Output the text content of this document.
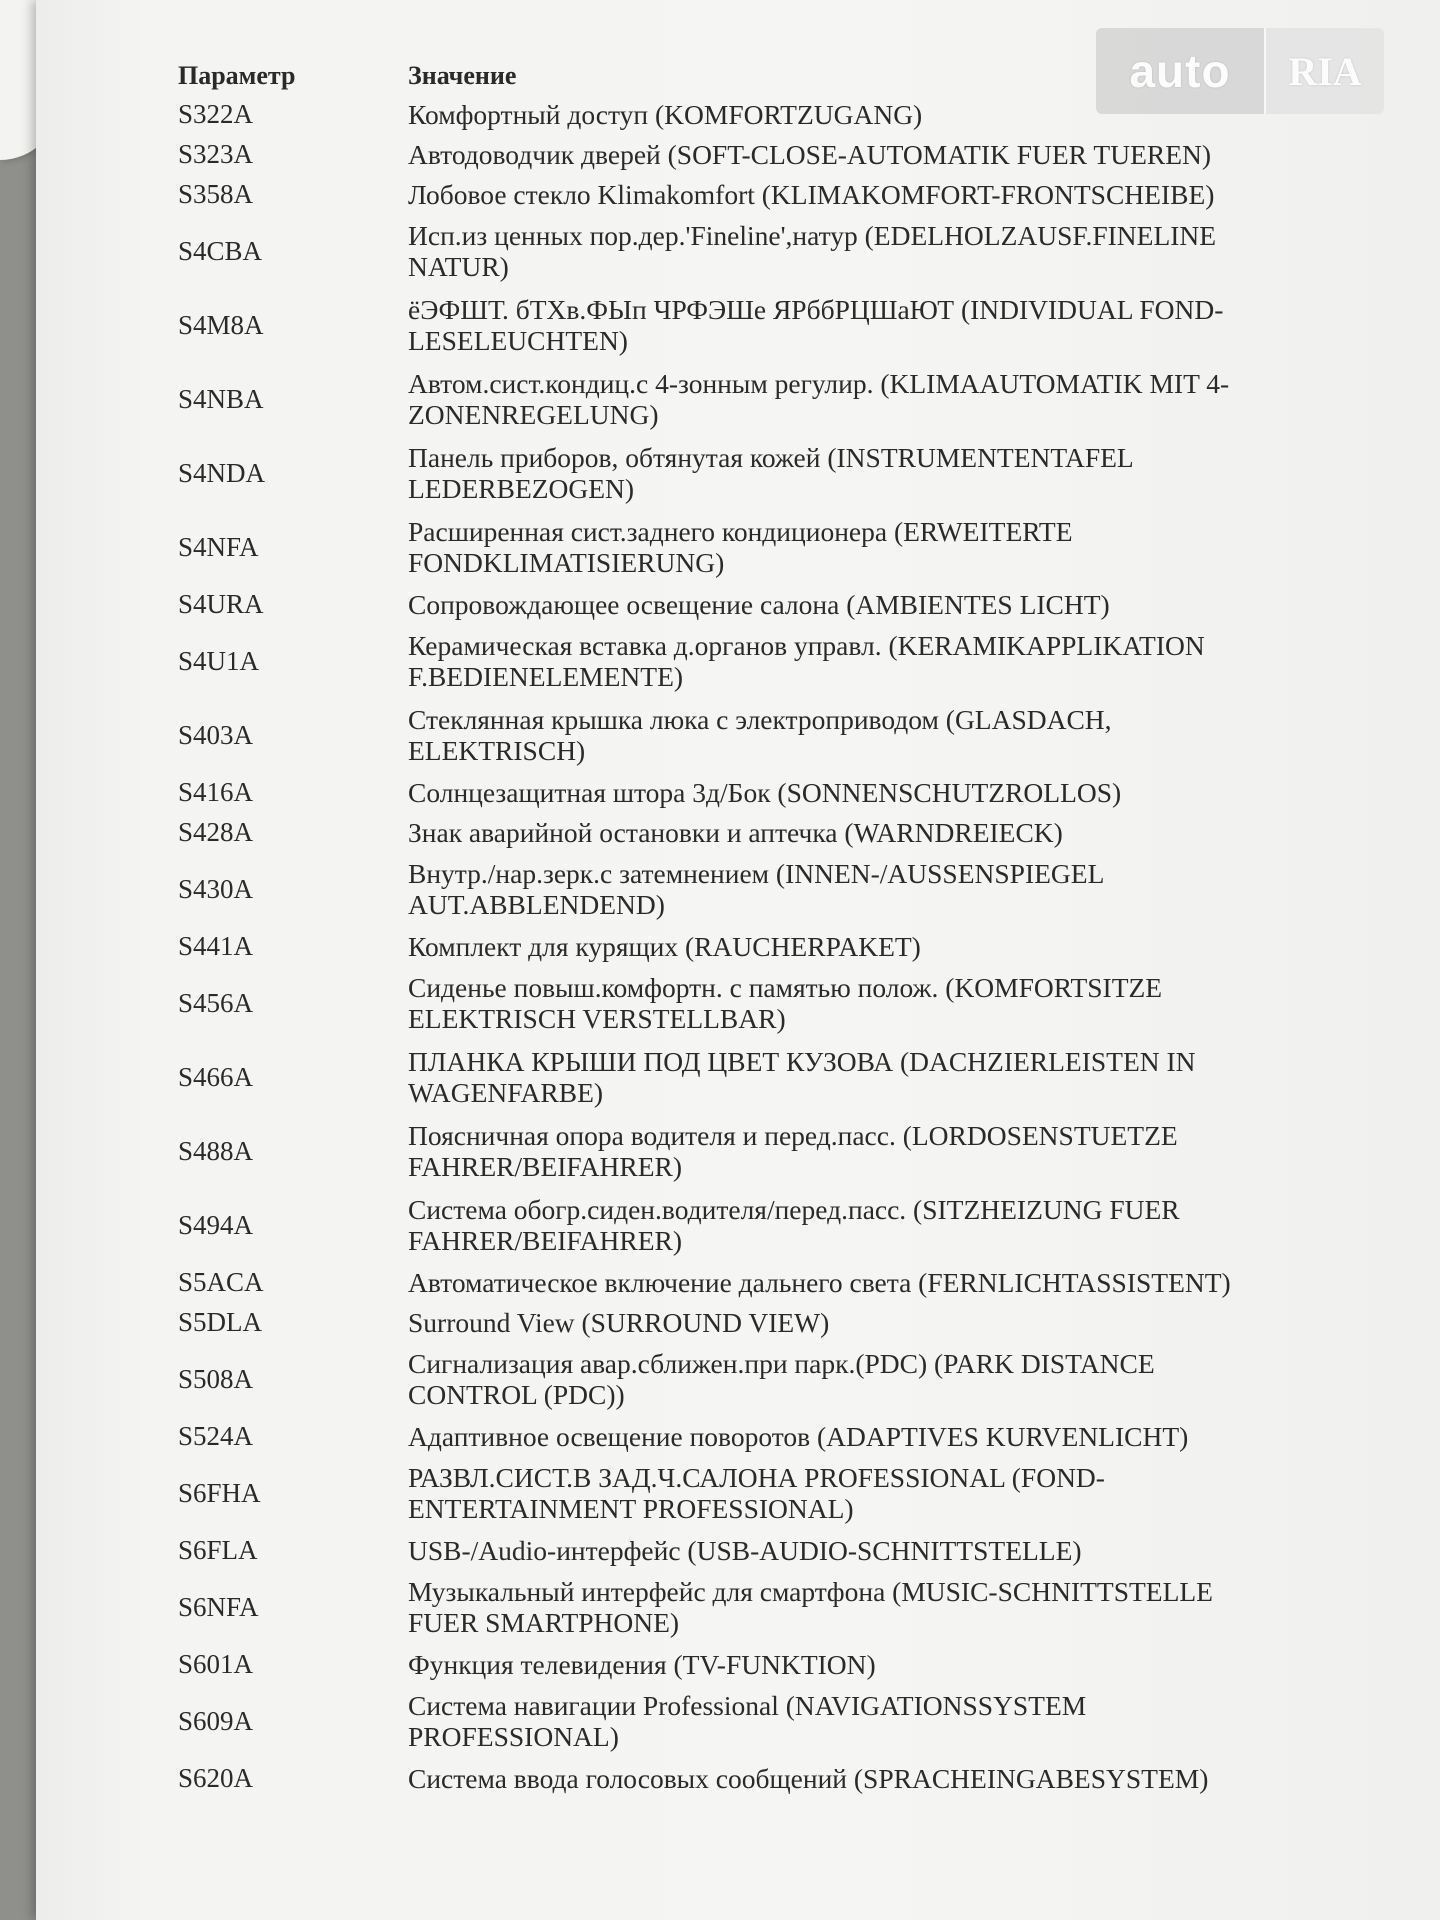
auto	RIA
Параметр	Значение
S322A	Комфортный доступ (KOMFORTZUGANG)
S323A	Автодоводчик дверей (SOFT-CLOSE-AUTOMATIK FUER TUEREN)
S358A	Лобовое стекло Klimakomfort (KLIMAKOMFORT-FRONTSCHEIBE)
S4CBA	Исп.из ценных пор.дер.'Fineline',натур (EDELHOLZAUSF.FINELINE NATUR)
S4M8A	ёЭФШТ. бТХв.ФЫп ЧРФЭШе ЯРббРЦШаЮТ (INDIVIDUAL FOND-LESELEUCHTEN)
S4NBA	Автом.сист.кондиц.с 4-зонным регулир. (KLIMAAUTOMATIK MIT 4-ZONENREGELUNG)
S4NDA	Панель приборов, обтянутая кожей (INSTRUMENTENTAFEL LEDERBEZOGEN)
S4NFA	Расширенная сист.заднего кондиционера (ERWEITERTE FONDKLIMATISIERUNG)
S4URA	Сопровождающее освещение салона (AMBIENTES LICHT)
S4U1A	Керамическая вставка д.органов управл. (KERAMIKAPPLIKATION F.BEDIENELEMENTE)
S403A	Стеклянная крышка люка с электроприводом (GLASDACH, ELEKTRISCH)
S416A	Солнцезащитная штора 3д/Бок (SONNENSCHUTZROLLOS)
S428A	Знак аварийной остановки и аптечка (WARNDREIECK)
S430A	Внутр./нар.зерк.с затемнением (INNEN-/AUSSENSPIEGEL AUT.ABBLENDEND)
S441A	Комплект для курящих (RAUCHERPAKET)
S456A	Сиденье повыш.комфортн. с памятью полож. (KOMFORTSITZE ELEKTRISCH VERSTELLBAR)
S466A	ПЛАНКА КРЫШИ ПОД ЦВЕТ КУЗОВА (DACHZIERLEISTEN IN WAGENFARBE)
S488A	Поясничная опора водителя и перед.пасс. (LORDOSENSTUETZE FAHRER/BEIFAHRER)
S494A	Система обогр.сиден.водителя/перед.пасс. (SITZHEIZUNG FUER FAHRER/BEIFAHRER)
S5ACA	Автоматическое включение дальнего света (FERNLICHTASSISTENT)
S5DLA	Surround View (SURROUND VIEW)
S508A	Сигнализация авар.сближен.при парк.(PDC) (PARK DISTANCE CONTROL (PDC))
S524A	Адаптивное освещение поворотов (ADAPTIVES KURVENLICHT)
S6FHA	РАЗВЛ.СИСТ.В ЗАД.Ч.САЛОНА PROFESSIONAL (FOND-ENTERTAINMENT PROFESSIONAL)
S6FLA	USB-/Audio-интерфейс (USB-AUDIO-SCHNITTSTELLE)
S6NFA	Музыкальный интерфейс для смартфона (MUSIC-SCHNITTSTELLE FUER SMARTPHONE)
S601A	Функция телевидения (TV-FUNKTION)
S609A	Система навигации Professional (NAVIGATIONSSYSTEM PROFESSIONAL)
S620A	Система ввода голосовых сообщений (SPRACHEINGABESYSTEM)
